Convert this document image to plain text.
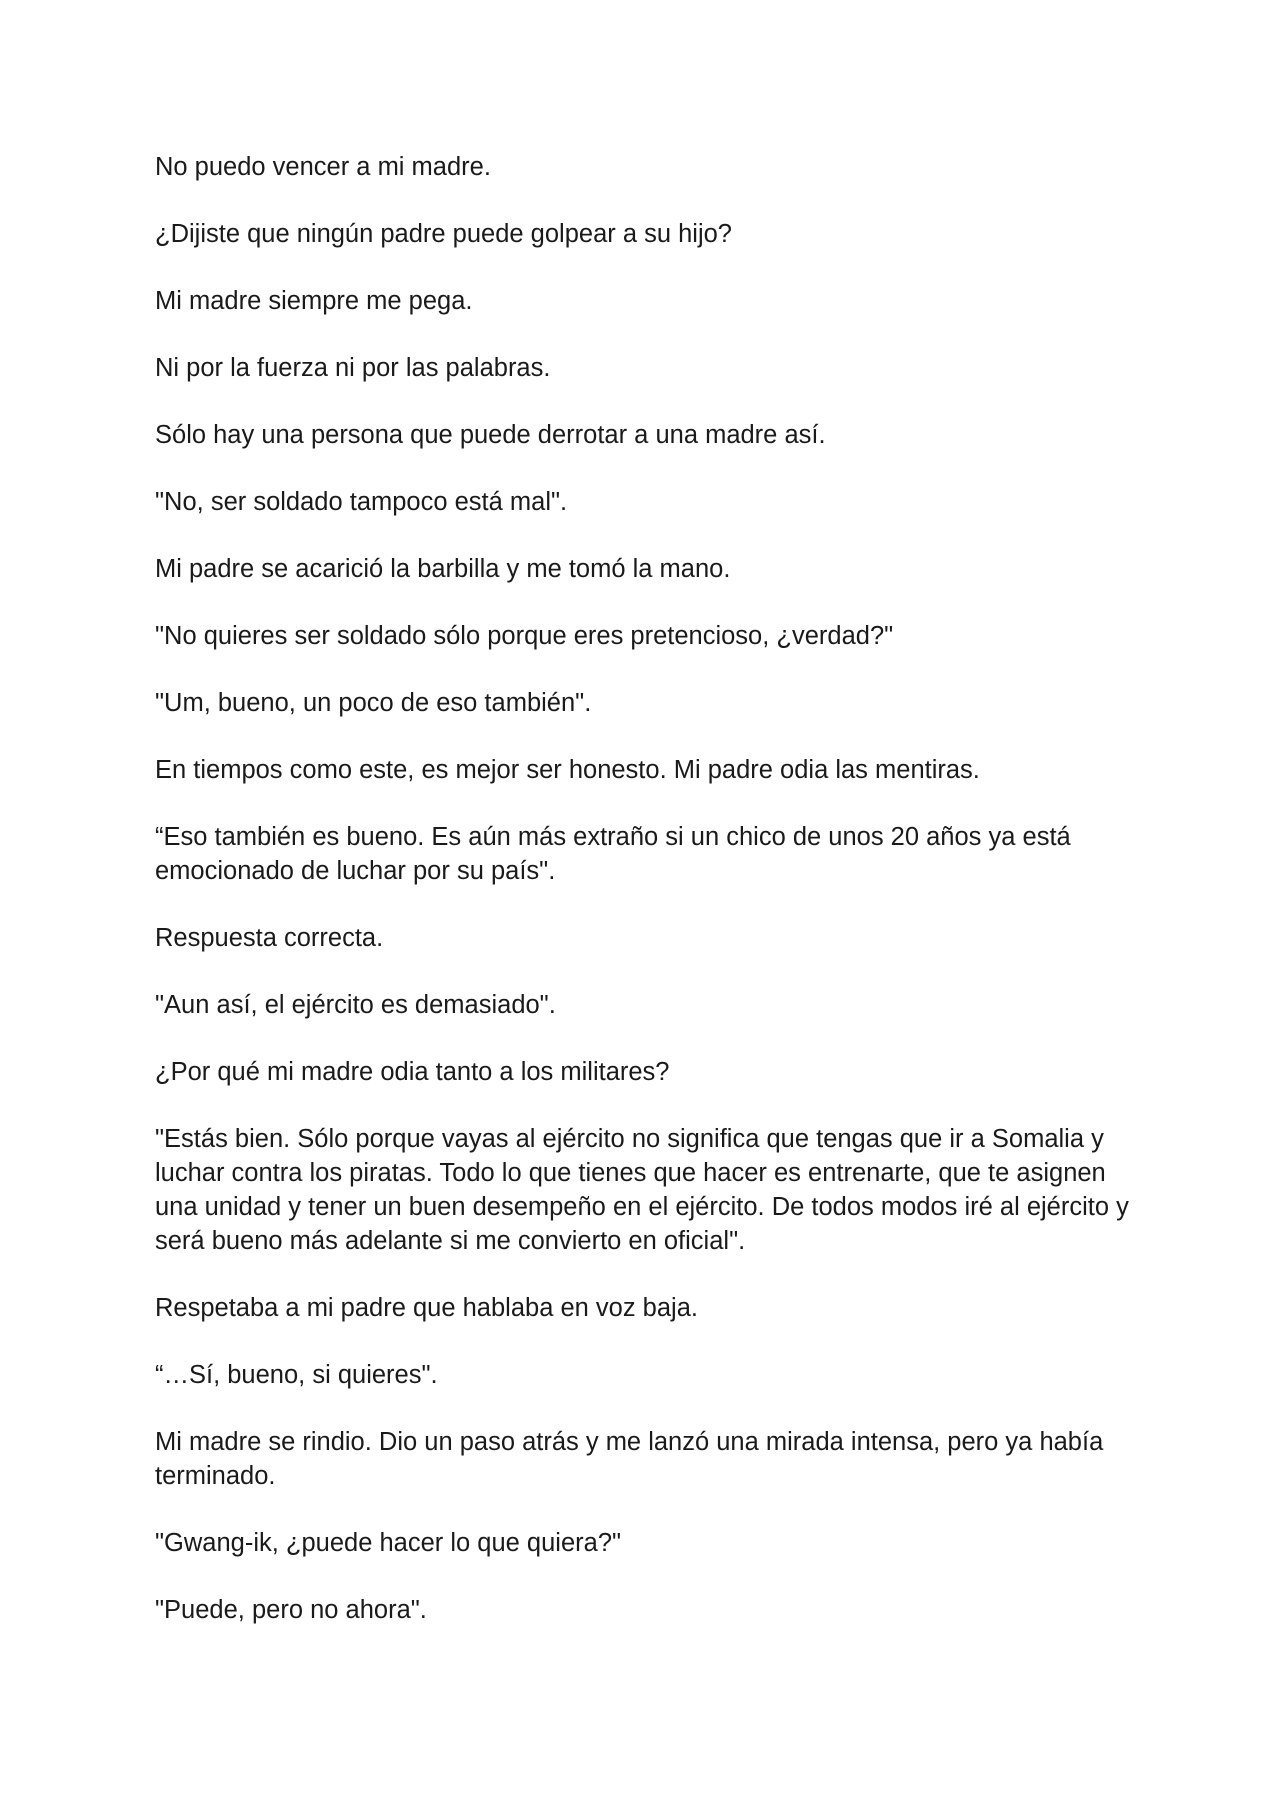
No puedo vencer a mi madre.

¿Dijiste que ningún padre puede golpear a su hijo?

Mi madre siempre me pega.

Ni por la fuerza ni por las palabras.

Sólo hay una persona que puede derrotar a una madre así.

"No, ser soldado tampoco está mal".

Mi padre se acarició la barbilla y me tomó la mano.

"No quieres ser soldado sólo porque eres pretencioso, ¿verdad?"

"Um, bueno, un poco de eso también".

En tiempos como este, es mejor ser honesto. Mi padre odia las mentiras.

“Eso también es bueno. Es aún más extraño si un chico de unos 20 años ya está emocionado de luchar por su país".

Respuesta correcta.

"Aun así, el ejército es demasiado".

¿Por qué mi madre odia tanto a los militares?

"Estás bien. Sólo porque vayas al ejército no significa que tengas que ir a Somalia y luchar contra los piratas. Todo lo que tienes que hacer es entrenarte, que te asignen una unidad y tener un buen desempeño en el ejército. De todos modos iré al ejército y será bueno más adelante si me convierto en oficial".

Respetaba a mi padre que hablaba en voz baja.

“…Sí, bueno, si quieres".

Mi madre se rindio. Dio un paso atrás y me lanzó una mirada intensa, pero ya había terminado.

"Gwang-ik, ¿puede hacer lo que quiera?"

"Puede, pero no ahora".
